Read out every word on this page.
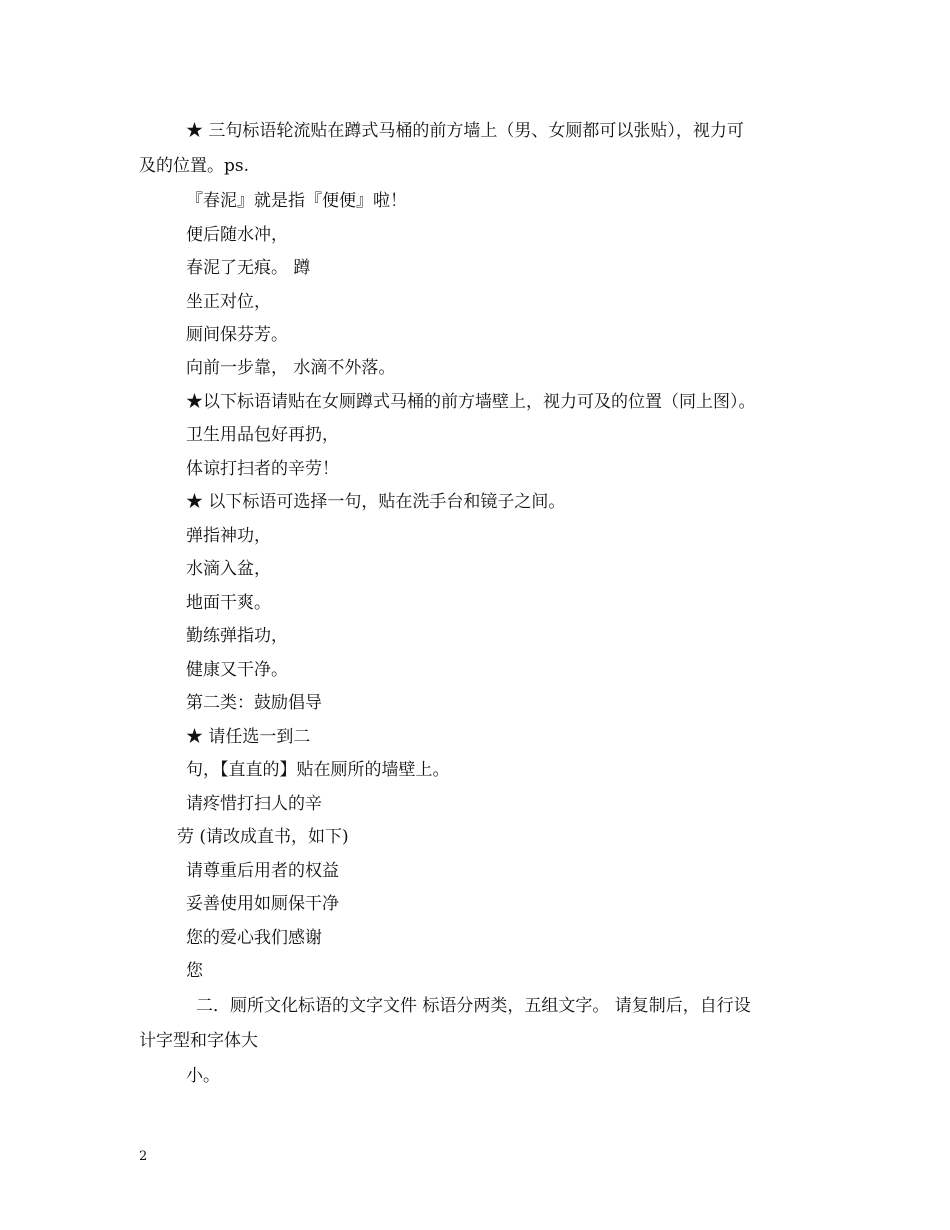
★ 三句标语轮流贴在蹲式马桶的前方墙上（男、女厕都可以张贴），视力可
及的位置。ps.
『春泥』就是指『便便』啦！
便后随水冲，
春泥了无痕。 蹲
坐正对位，
厕间保芬芳。
向前一步靠， 水滴不外落。
★以下标语请贴在女厕蹲式马桶的前方墙壁上，视力可及的位置（同上图）。
卫生用品包好再扔，
体谅打扫者的辛劳！
★ 以下标语可选择一句，贴在洗手台和镜子之间。
弹指神功，
水滴入盆，
地面干爽。
勤练弹指功，
健康又干净。
第二类：鼓励倡导
★ 请任选一到二
句，【直直的】贴在厕所的墙壁上。
请疼惜打扫人的辛
劳 (请改成直书，如下)
请尊重后用者的权益
妥善使用如厕保干净
您的爱心我们感谢
您
二．厕所文化标语的文字文件 标语分两类，五组文字。 请复制后，自行设
计字型和字体大
小。
2
